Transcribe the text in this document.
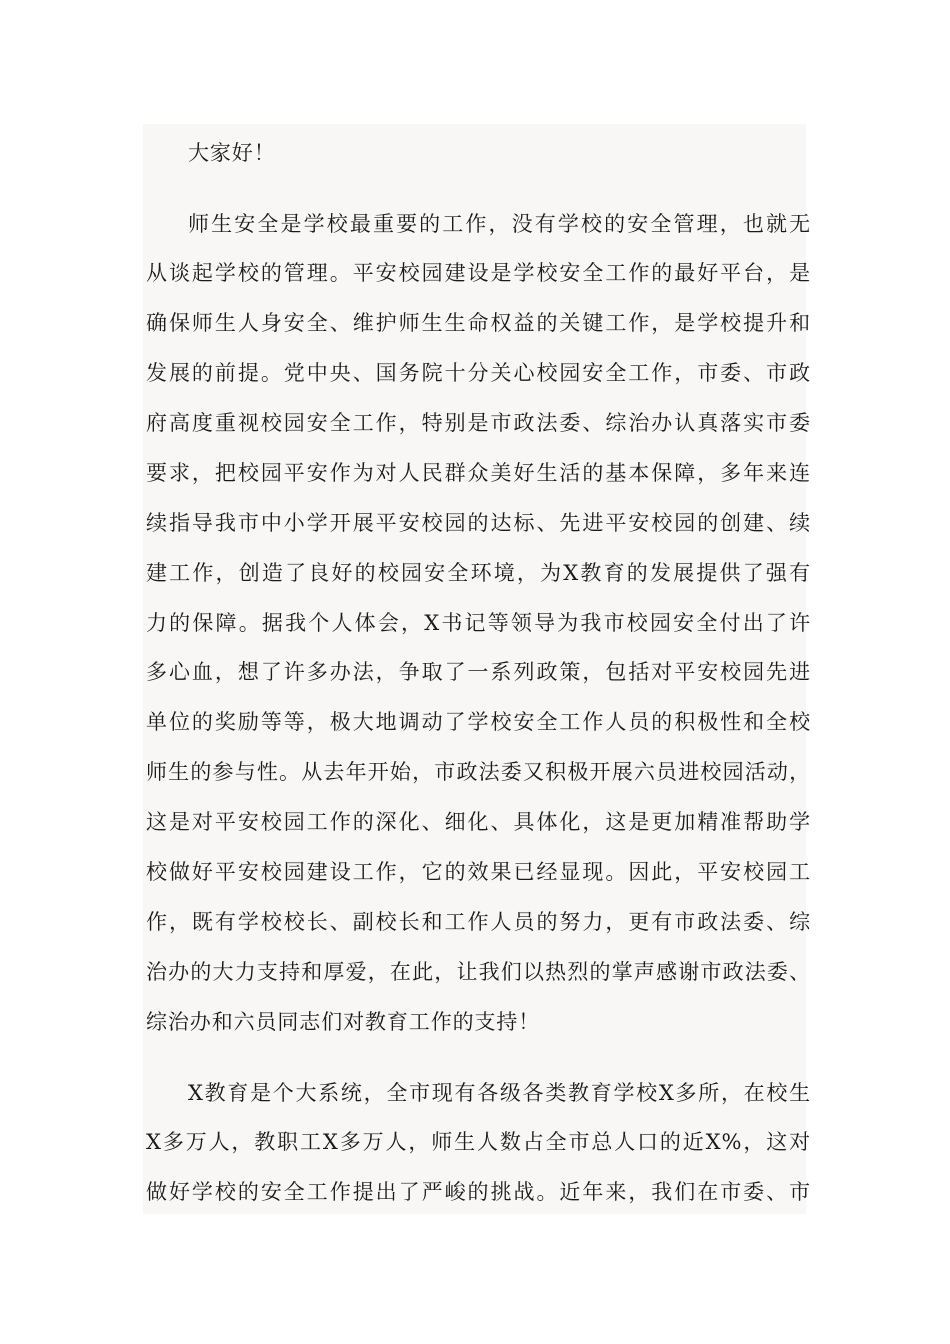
大家好！
师生安全是学校最重要的工作，没有学校的安全管理，也就无
从谈起学校的管理。平安校园建设是学校安全工作的最好平台，是
确保师生人身安全、维护师生生命权益的关键工作，是学校提升和
发展的前提。党中央、国务院十分关心校园安全工作，市委、市政
府高度重视校园安全工作，特别是市政法委、综治办认真落实市委
要求，把校园平安作为对人民群众美好生活的基本保障，多年来连
续指导我市中小学开展平安校园的达标、先进平安校园的创建、续
建工作，创造了良好的校园安全环境，为X教育的发展提供了强有
力的保障。据我个人体会，X书记等领导为我市校园安全付出了许
多心血，想了许多办法，争取了一系列政策，包括对平安校园先进
单位的奖励等等，极大地调动了学校安全工作人员的积极性和全校
师生的参与性。从去年开始，市政法委又积极开展六员进校园活动，
这是对平安校园工作的深化、细化、具体化，这是更加精准帮助学
校做好平安校园建设工作，它的效果已经显现。因此，平安校园工
作，既有学校校长、副校长和工作人员的努力，更有市政法委、综
治办的大力支持和厚爱，在此，让我们以热烈的掌声感谢市政法委、
综治办和六员同志们对教育工作的支持！
X教育是个大系统，全市现有各级各类教育学校X多所，在校生
X多万人，教职工X多万人，师生人数占全市总人口的近X%，这对
做好学校的安全工作提出了严峻的挑战。近年来，我们在市委、市
